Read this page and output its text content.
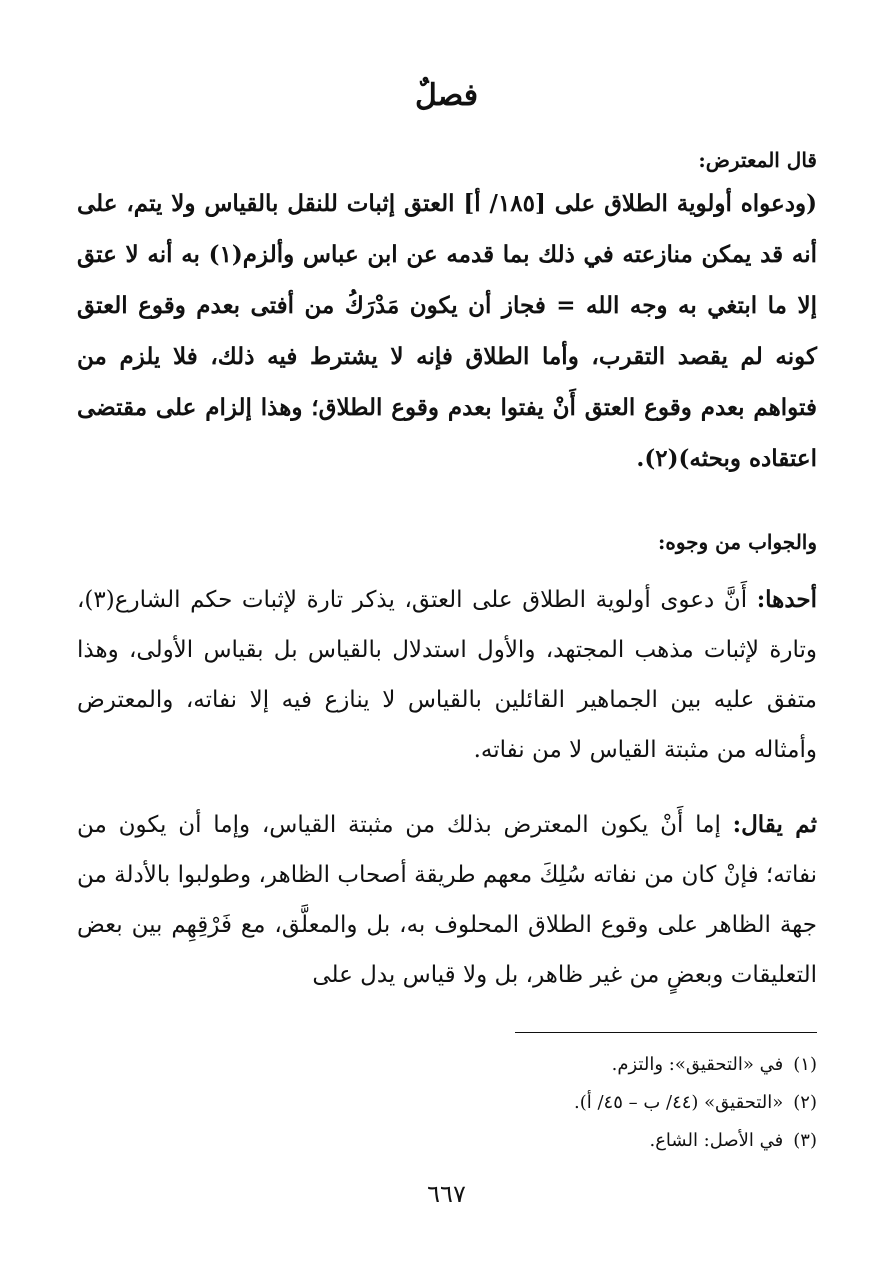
فصلٌ
قال المعترض:

(ودعواه أولوية الطلاق على [١٨٥/ أ] العتق إثبات للنقل بالقياس ولا يتم، على أنه قد يمكن منازعته في ذلك بما قدمه عن ابن عباس وألزم(١) به أنه لا عتق إلا ما ابتغي به وجه الله = فجاز أن يكون مَدْرَكُ من أفتى بعدم وقوع العتق كونه لم يقصد التقرب، وأما الطلاق فإنه لا يشترط فيه ذلك، فلا يلزم من فتواهم بعدم وقوع العتق أَنْ يفتوا بعدم وقوع الطلاق؛ وهذا إلزام على مقتضى اعتقاده وبحثه)(٢).

والجواب من وجوه:

أحدها: أَنَّ دعوى أولوية الطلاق على العتق، يذكر تارة لإثبات حكم الشارع(٣)، وتارة لإثبات مذهب المجتهد، والأول استدلال بالقياس بل بقياس الأولى، وهذا متفق عليه بين الجماهير القائلين بالقياس لا ينازع فيه إلا نفاته، والمعترض وأمثاله من مثبتة القياس لا من نفاته.

ثم يقال: إما أَنْ يكون المعترض بذلك من مثبتة القياس، وإما أن يكون من نفاته؛ فإنْ كان من نفاته سُلِكَ معهم طريقة أصحاب الظاهر، وطولبوا بالأدلة من جهة الظاهر على وقوع الطلاق المحلوف به، بل والمعلَّق، مع فَرْقِهِم بين بعض التعليقات وبعضٍ من غير ظاهر، بل ولا قياس يدل على

(١)في «التحقيق»: والتزم.
(٢)«التحقيق» (٤٤/ ب – ٤٥/ أ).
(٣)في الأصل: الشاع.
٦٦٧
